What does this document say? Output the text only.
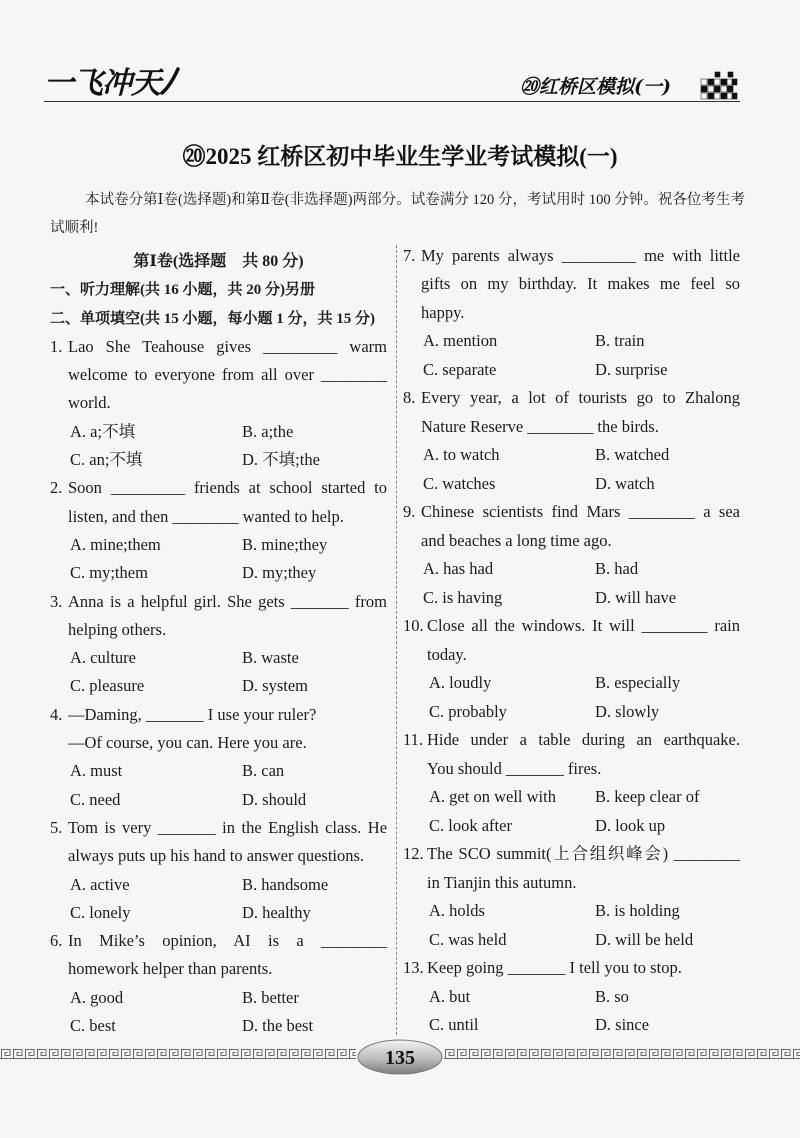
一飞冲天	⑳红桥区模拟(一)
⑳2025 红桥区初中毕业生学业考试模拟(一)
本试卷分第Ⅰ卷(选择题)和第Ⅱ卷(非选择题)两部分。试卷满分 120 分，考试用时 100 分钟。祝各位考生考试顺利!
第Ⅰ卷(选择题　共 80 分)
一、听力理解(共 16 小题，共 20 分)另册
二、单项填空(共 15 小题，每小题 1 分，共 15 分)
1. Lao She Teahouse gives _________ warm
welcome to everyone from all over ________
world.
A. a;不填	B. a;the
C. an;不填	D. 不填;the
2. Soon _________ friends at school started to
listen, and then ________ wanted to help.
A. mine;them	B. mine;they
C. my;them	D. my;they
3. Anna is a helpful girl. She gets _______ from
helping others.
A. culture	B. waste
C. pleasure	D. system
4. —Daming, _______ I use your ruler?
—Of course, you can. Here you are.
A. must	B. can
C. need	D. should
5. Tom is very _______ in the English class. He
always puts up his hand to answer questions.
A. active	B. handsome
C. lonely	D. healthy
6. In Mike’s opinion, AI is a ________
homework helper than parents.
A. good	B. better
C. best	D. the best
7. My parents always _________ me with little
gifts on my birthday. It makes me feel so
happy.
A. mention	B. train
C. separate	D. surprise
8. Every year, a lot of tourists go to Zhalong
Nature Reserve ________ the birds.
A. to watch	B. watched
C. watches	D. watch
9. Chinese scientists find Mars ________ a sea
and beaches a long time ago.
A. has had	B. had
C. is having	D. will have
10. Close all the windows. It will ________ rain
today.
A. loudly	B. especially
C. probably	D. slowly
11. Hide under a table during an earthquake.
You should _______ fires.
A. get on well with B. keep clear of
C. look after	D. look up
12. The SCO summit(上合组织峰会) ________
in Tianjin this autumn.
A. holds	B. is holding
C. was held	D. will be held
13. Keep going _______ I tell you to stop.
A. but	B. so
C. until	D. since
135
